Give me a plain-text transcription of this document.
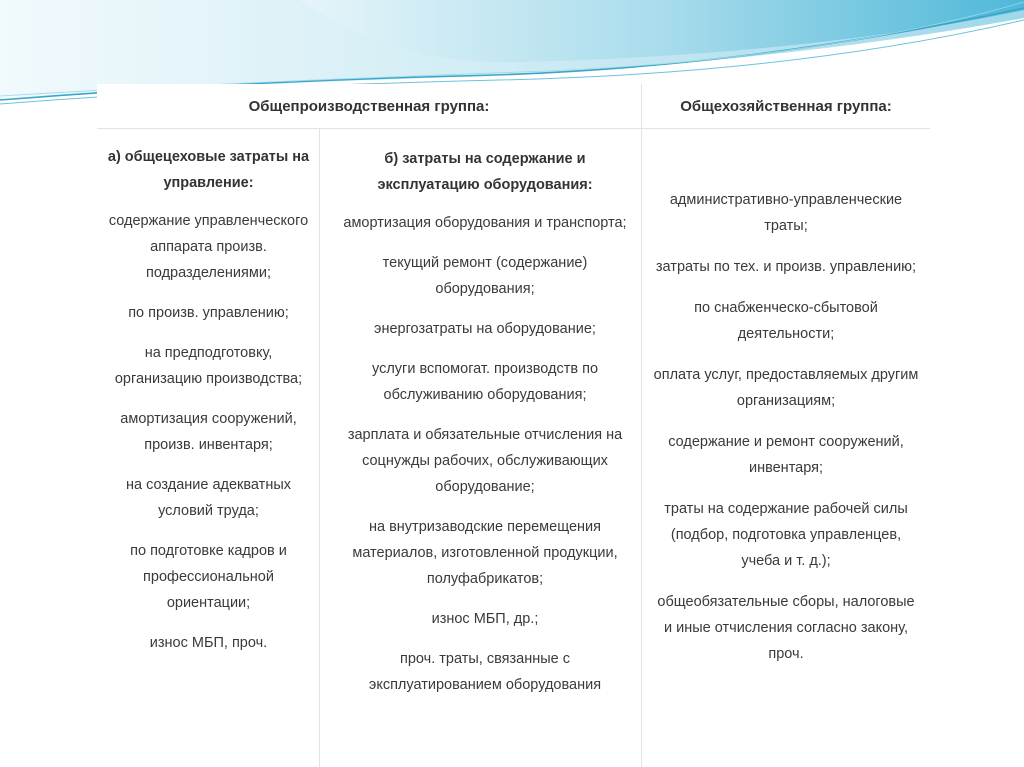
Общепроизводственная группа:	Общехозяйственная группа:
а) общецеховые затраты на управление:
содержание управленческого аппарата произв. подразделениями;
по произв. управлению;
на предподготовку, организацию производства;
амортизация сооружений, произв. инвентаря;
на создание адекватных условий труда;
по подготовке кадров и профессиональной ориентации;
износ МБП, проч.
б) затраты на содержание и эксплуатацию оборудования:
амортизация оборудования и транспорта;
текущий ремонт (содержание) оборудования;
энергозатраты на оборудование;
услуги вспомогат. производств по обслуживанию оборудования;
зарплата и обязательные отчисления на соцнужды рабочих, обслуживающих оборудование;
на внутризаводские перемещения материалов, изготовленной продукции, полуфабрикатов;
износ МБП, др.;
проч. траты, связанные с эксплуатированием оборудования
административно-управленческие траты;
затраты по тех. и произв. управлению;
по снабженческо-сбытовой деятельности;
оплата услуг, предоставляемых другим организациям;
содержание и ремонт сооружений, инвентаря;
траты на содержание рабочей силы (подбор, подготовка управленцев, учеба и т. д.);
общеобязательные сборы, налоговые и иные отчисления согласно закону, проч.
